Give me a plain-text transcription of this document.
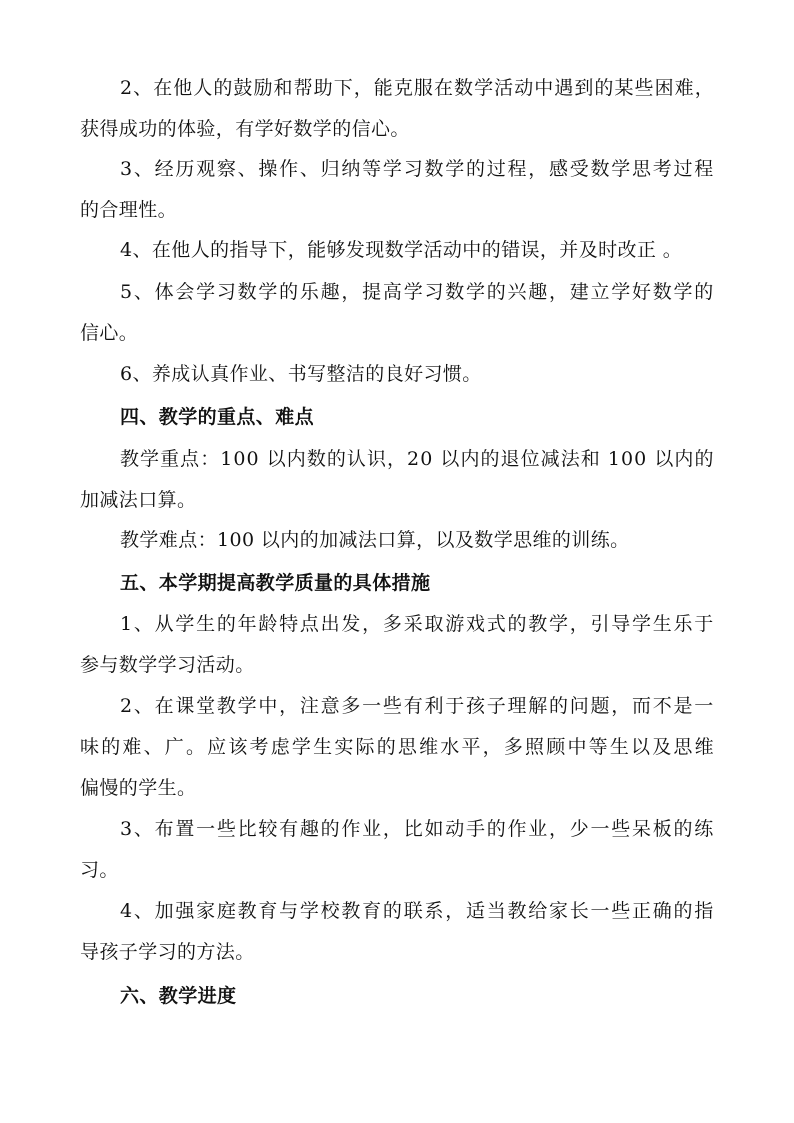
2、在他人的鼓励和帮助下，能克服在数学活动中遇到的某些困难，
获得成功的体验，有学好数学的信心。
3、经历观察、操作、归纳等学习数学的过程，感受数学思考过程
的合理性。
4、在他人的指导下，能够发现数学活动中的错误，并及时改正 。
5、体会学习数学的乐趣，提高学习数学的兴趣，建立学好数学的
信心。
6、养成认真作业、书写整洁的良好习惯。
四、教学的重点、难点
教学重点：100 以内数的认识，20 以内的退位减法和 100 以内的
加减法口算。
教学难点：100 以内的加减法口算，以及数学思维的训练。
五、本学期提高教学质量的具体措施
1、从学生的年龄特点出发，多采取游戏式的教学，引导学生乐于
参与数学学习活动。
2、在课堂教学中，注意多一些有利于孩子理解的问题，而不是一
味的难、广。应该考虑学生实际的思维水平，多照顾中等生以及思维
偏慢的学生。
3、布置一些比较有趣的作业，比如动手的作业，少一些呆板的练
习。
4、加强家庭教育与学校教育的联系，适当教给家长一些正确的指
导孩子学习的方法。
六、教学进度
